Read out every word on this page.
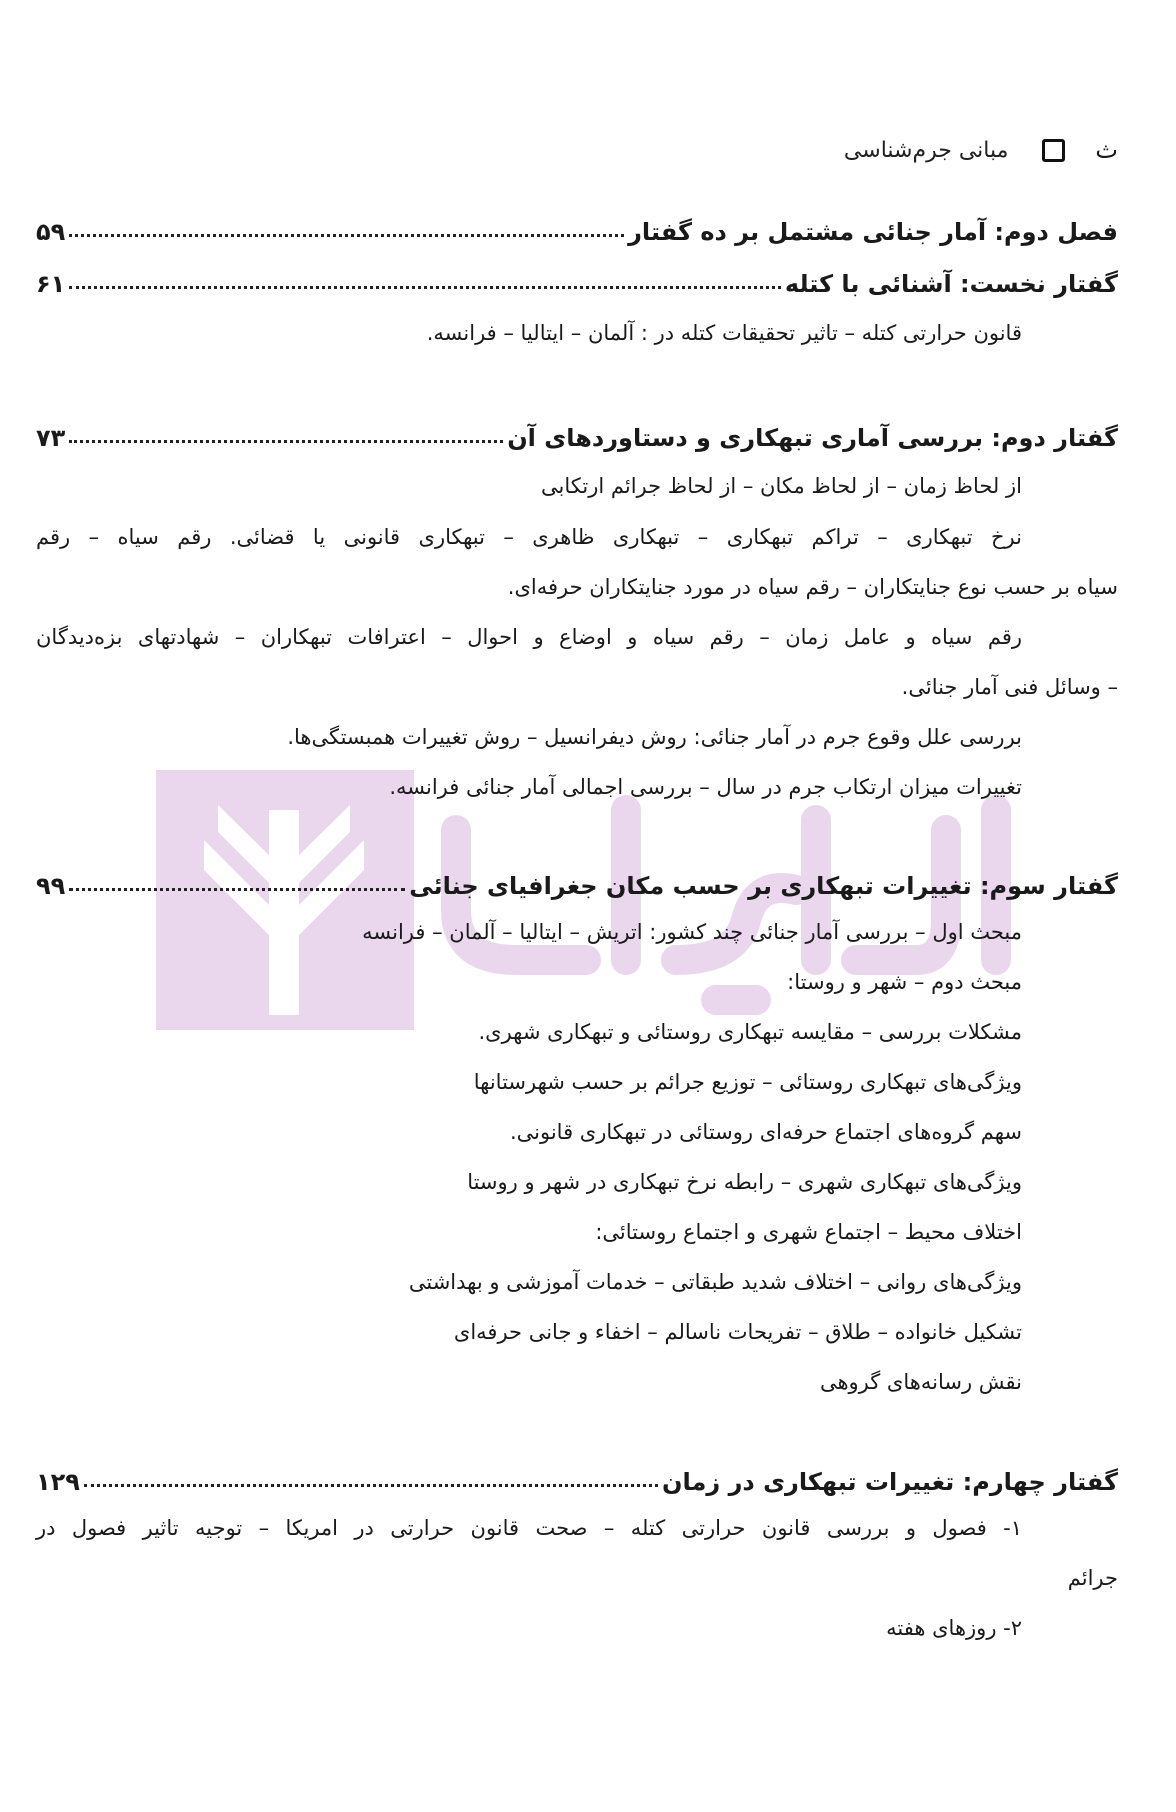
ث
مبانی جرم‌شناسی
فصل دوم: آمار جنائی مشتمل بر ده گفتار
۵۹
گفتار نخست: آشنائی با کتله
۶۱
قانون حرارتی کتله – تاثیر تحقیقات کتله در : آلمان – ایتالیا – فرانسه.
گفتار دوم: بررسی آماری تبهکاری و دستاوردهای آن
۷۳
از لحاظ زمان – از لحاظ مکان – از لحاظ جرائم ارتکابی
نرخ تبهکاری – تراکم تبهکاری – تبهکاری ظاهری – تبهکاری قانونی یا قضائی. رقم سیاه – رقم
سیاه بر حسب نوع جنایتکاران – رقم سیاه در مورد جنایتکاران حرفه‌ای.
رقم سیاه و عامل زمان – رقم سیاه و اوضاع و احوال – اعترافات تبهکاران – شهادتهای بزه‌دیدگان
– وسائل فنی آمار جنائی.
بررسی علل وقوع جرم در آمار جنائی: روش دیفرانسیل – روش تغییرات همبستگی‌ها.
تغییرات میزان ارتکاب جرم در سال – بررسی اجمالی آمار جنائی فرانسه.
گفتار سوم: تغییرات تبهکاری بر حسب مکان جغرافیای جنائی
۹۹
مبحث اول – بررسی آمار جنائی چند کشور: اتریش – ایتالیا – آلمان – فرانسه
مبحث دوم – شهر و روستا:
مشکلات بررسی – مقایسه تبهکاری روستائی و تبهکاری شهری.
ویژگی‌های تبهکاری روستائی – توزیع جرائم بر حسب شهرستانها
سهم گروه‌های اجتماع حرفه‌ای روستائی در تبهکاری قانونی.
ویژگی‌های تبهکاری شهری – رابطه نرخ تبهکاری در شهر و روستا
اختلاف محیط – اجتماع شهری و اجتماع روستائی:
ویژگی‌های روانی – اختلاف شدید طبقاتی – خدمات آموزشی و بهداشتی
تشکیل خانواده – طلاق – تفریحات ناسالم – اخفاء و جانی حرفه‌ای
نقش رسانه‌های گروهی
گفتار چهارم: تغییرات تبهکاری در زمان
۱۲۹
۱- فصول و بررسی قانون حرارتی کتله – صحت قانون حرارتی در امریکا – توجیه تاثیر فصول در
جرائم
۲- روزهای هفته
